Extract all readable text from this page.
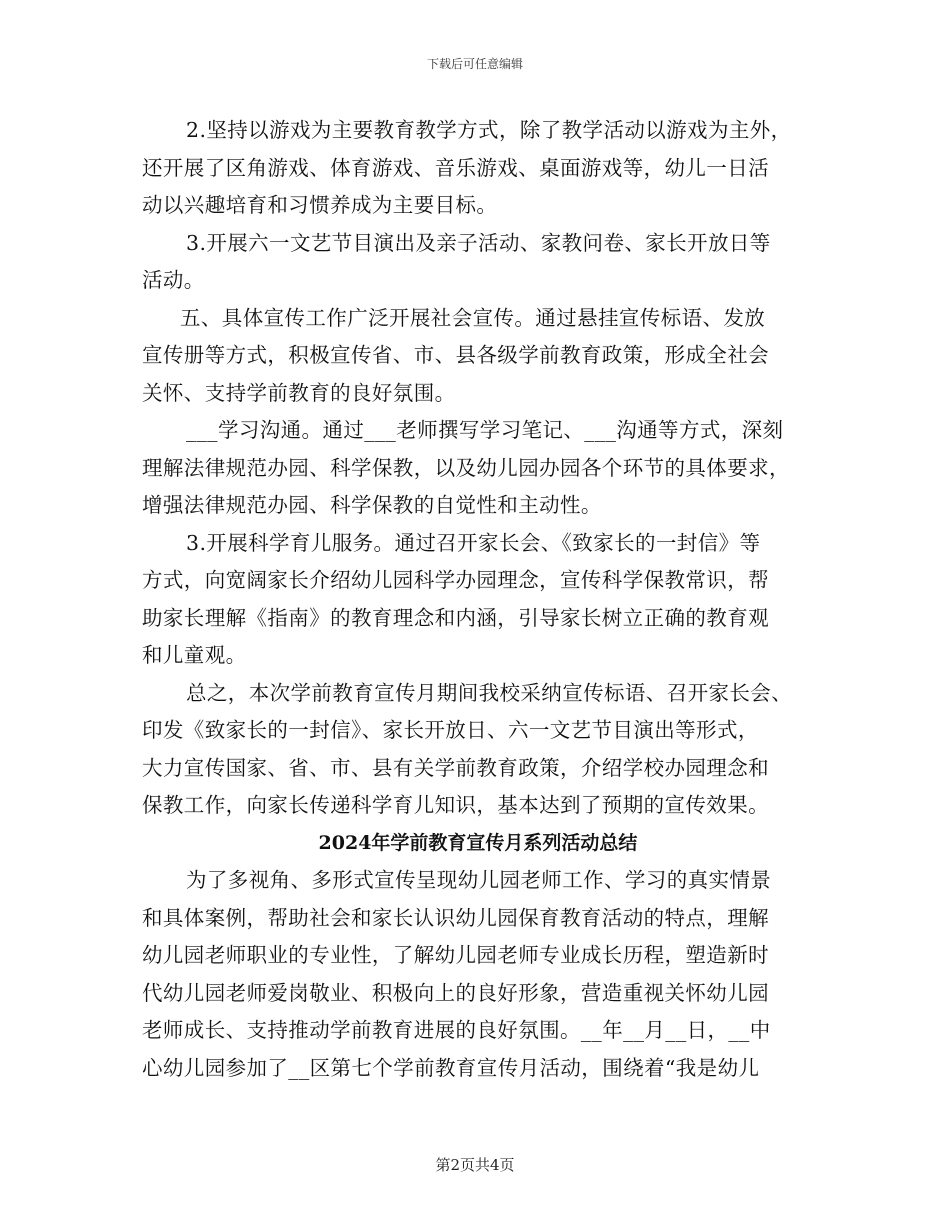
下载后可任意编辑
2.坚持以游戏为主要教育教学方式，除了教学活动以游戏为主外，
还开展了区角游戏、体育游戏、音乐游戏、桌面游戏等，幼儿一日活
动以兴趣培育和习惯养成为主要目标。
3.开展六一文艺节目演出及亲子活动、家教问卷、家长开放日等
活动。
五、具体宣传工作广泛开展社会宣传。通过悬挂宣传标语、发放
宣传册等方式，积极宣传省、市、县各级学前教育政策，形成全社会
关怀、支持学前教育的良好氛围。
___学习沟通。通过___老师撰写学习笔记、___沟通等方式，深刻
理解法律规范办园、科学保教，以及幼儿园办园各个环节的具体要求，
增强法律规范办园、科学保教的自觉性和主动性。
3.开展科学育儿服务。通过召开家长会、《致家长的一封信》等
方式，向宽阔家长介绍幼儿园科学办园理念，宣传科学保教常识，帮
助家长理解《指南》的教育理念和内涵，引导家长树立正确的教育观
和儿童观。
总之，本次学前教育宣传月期间我校采纳宣传标语、召开家长会、
印发《致家长的一封信》、家长开放日、六一文艺节目演出等形式，
大力宣传国家、省、市、县有关学前教育政策，介绍学校办园理念和
保教工作，向家长传递科学育儿知识，基本达到了预期的宣传效果。
2024年学前教育宣传月系列活动总结
为了多视角、多形式宣传呈现幼儿园老师工作、学习的真实情景
和具体案例，帮助社会和家长认识幼儿园保育教育活动的特点，理解
幼儿园老师职业的专业性，了解幼儿园老师专业成长历程，塑造新时
代幼儿园老师爱岗敬业、积极向上的良好形象，营造重视关怀幼儿园
老师成长、支持推动学前教育进展的良好氛围。__年__月__日，__中
心幼儿园参加了__区第七个学前教育宣传月活动，围绕着“我是幼儿
第2页共4页
